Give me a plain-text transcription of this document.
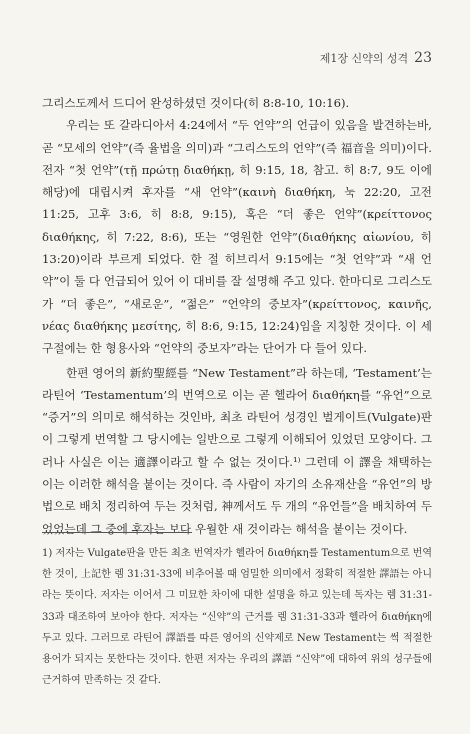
제1장 신약의 성격 23

그리스도께서 드디어 완성하셨던 것이다(히 8:8-10, 10:16).

우리는 또 갈라디아서 4:24에서 “두 언약”의 언급이 있음을 발견하는바, 곧 “모세의 언약”(즉 율법을 의미)과 “그리스도의 언약”(즉 福音을 의미)이다. 전자 “첫 언약”(τῇ πρώτῃ διαθήκῃ, 히 9:15, 18, 참고. 히 8:7, 9도 이에 해당)에 대립시켜 후자를 “새 언약”(καινὴ διαθήκη, 눅 22:20, 고전 11:25, 고후 3:6, 히 8:8, 9:15), 혹은 “더 좋은 언약”(κρείττονος διαθήκης, 히 7:22, 8:6), 또는 “영원한 언약”(διαθήκης αἰωνίου, 히 13:20)이라 부르게 되었다. 한 절 히브리서 9:15에는 “첫 언약”과 “새 언약”이 둘 다 언급되어 있어 이 대비를 잘 설명해 주고 있다. 한마디로 그리스도가 “더 좋은”, “새로운”, “젊은” “언약의 중보자”(κρείττονος, καινῆς, νέας διαθήκης μεσίτης, 히 8:6, 9:15, 12:24)임을 지칭한 것이다. 이 세 구절에는 한 형용사와 “언약의 중보자”라는 단어가 다 들어 있다.

한편 영어의 新約聖經를 “New Testament”라 하는데, ‘Testament’는 라틴어 ‘Testamentum’의 번역으로 이는 곧 헬라어 διαθήκη를 “유언”으로 “증거”의 의미로 해석하는 것인바, 최초 라틴어 성경인 벌게이트(Vulgate)판이 그렇게 번역할 그 당시에는 일반으로 그렇게 이해되어 있었던 모양이다. 그러나 사실은 이는 適譯이라고 할 수 없는 것이다.¹⁾ 그런데 이 譯을 채택하는 이는 이러한 해석을 붙이는 것이다. 즉 사람이 자기의 소유재산을 “유언”의 방법으로 배치 정리하여 두는 것처럼, 神께서도 두 개의 “유언들”을 배치하여 두었었는데 그 중에 후자는 보다 우월한 새 것이라는 해석을 붙이는 것이다.

1) 저자는 Vulgate판을 만든 최초 번역자가 헬라어 διαθήκη를 Testamentum으로 번역한 것이, 上記한 렘 31:31-33에 비추어볼 때 엄밀한 의미에서 정확히 적절한 譯語는 아니라는 뜻이다. 저자는 이어서 그 미묘한 차이에 대한 설명을 하고 있는데 독자는 렘 31:31-33과 대조하여 보아야 한다. 저자는 “신약”의 근거를 렘 31:31-33과 헬라어 διαθήκη에 두고 있다. 그러므로 라틴어 譯語를 따른 영어의 신약제로 New Testament는 썩 적절한 용어가 되지는 못한다는 것이다. 한편 저자는 우리의 譯語 “신약”에 대하여 위의 성구들에 근거하여 만족하는 것 같다.
